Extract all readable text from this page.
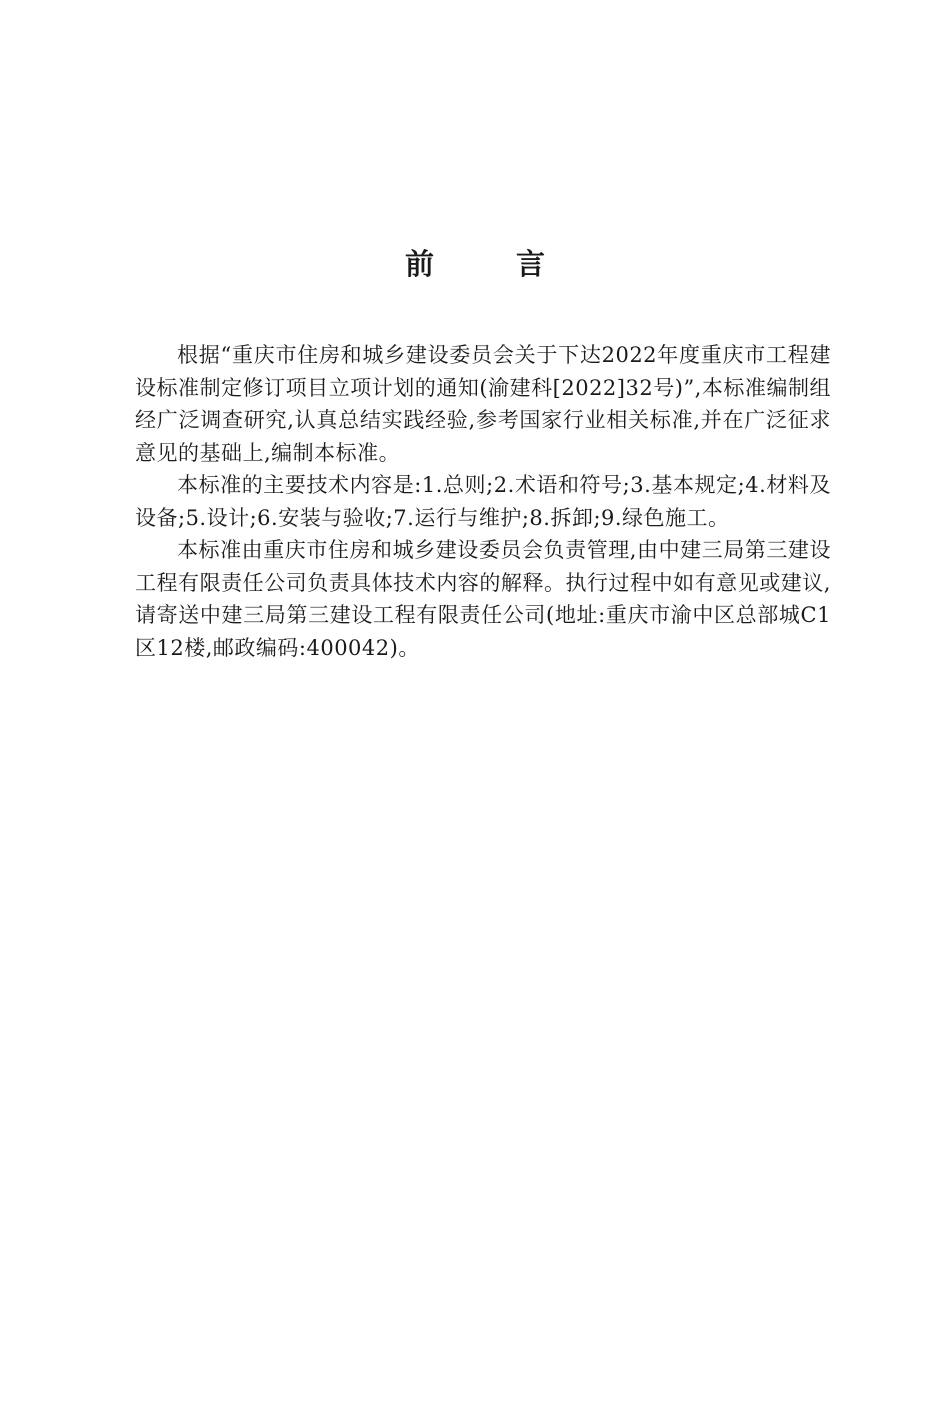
前 言

根据“重庆市住房和城乡建设委员会关于下达2022年度重庆市工程建设标准制定修订项目立项计划的通知(渝建科[2022]32号)”,本标准编制组经广泛调查研究,认真总结实践经验,参考国家行业相关标准,并在广泛征求意见的基础上,编制本标准。

本标准的主要技术内容是:1.总则;2.术语和符号;3.基本规定;4.材料及设备;5.设计;6.安装与验收;7.运行与维护;8.拆卸;9.绿色施工。

本标准由重庆市住房和城乡建设委员会负责管理,由中建三局第三建设工程有限责任公司负责具体技术内容的解释。执行过程中如有意见或建议,请寄送中建三局第三建设工程有限责任公司(地址:重庆市渝中区总部城C1区12楼,邮政编码:400042)。
